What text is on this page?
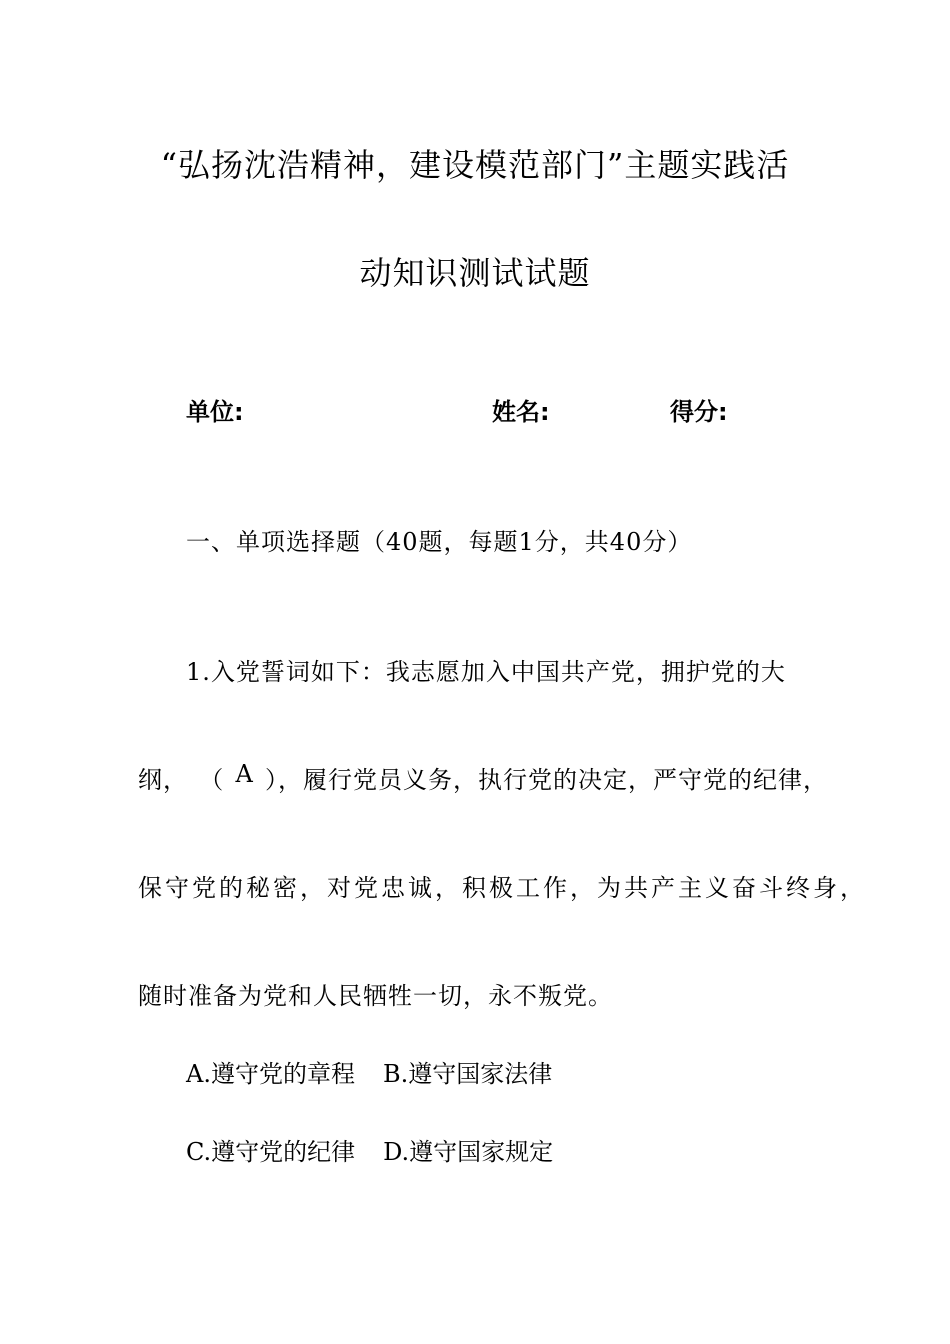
“弘扬沈浩精神，建设模范部门”主题实践活
动知识测试试题
单位:	姓名:	得分:
一、单项选择题（40题，每题1分，共40分）
1.入党誓词如下：我志愿加入中国共产党，拥护党的大
纲， （ A ），履行党员义务，执行党的决定，严守党的纪律，
保守党的秘密，对党忠诚，积极工作，为共产主义奋斗终身，
随时准备为党和人民牺牲一切，永不叛党。
A.遵守党的章程 B.遵守国家法律
C.遵守党的纪律 D.遵守国家规定
